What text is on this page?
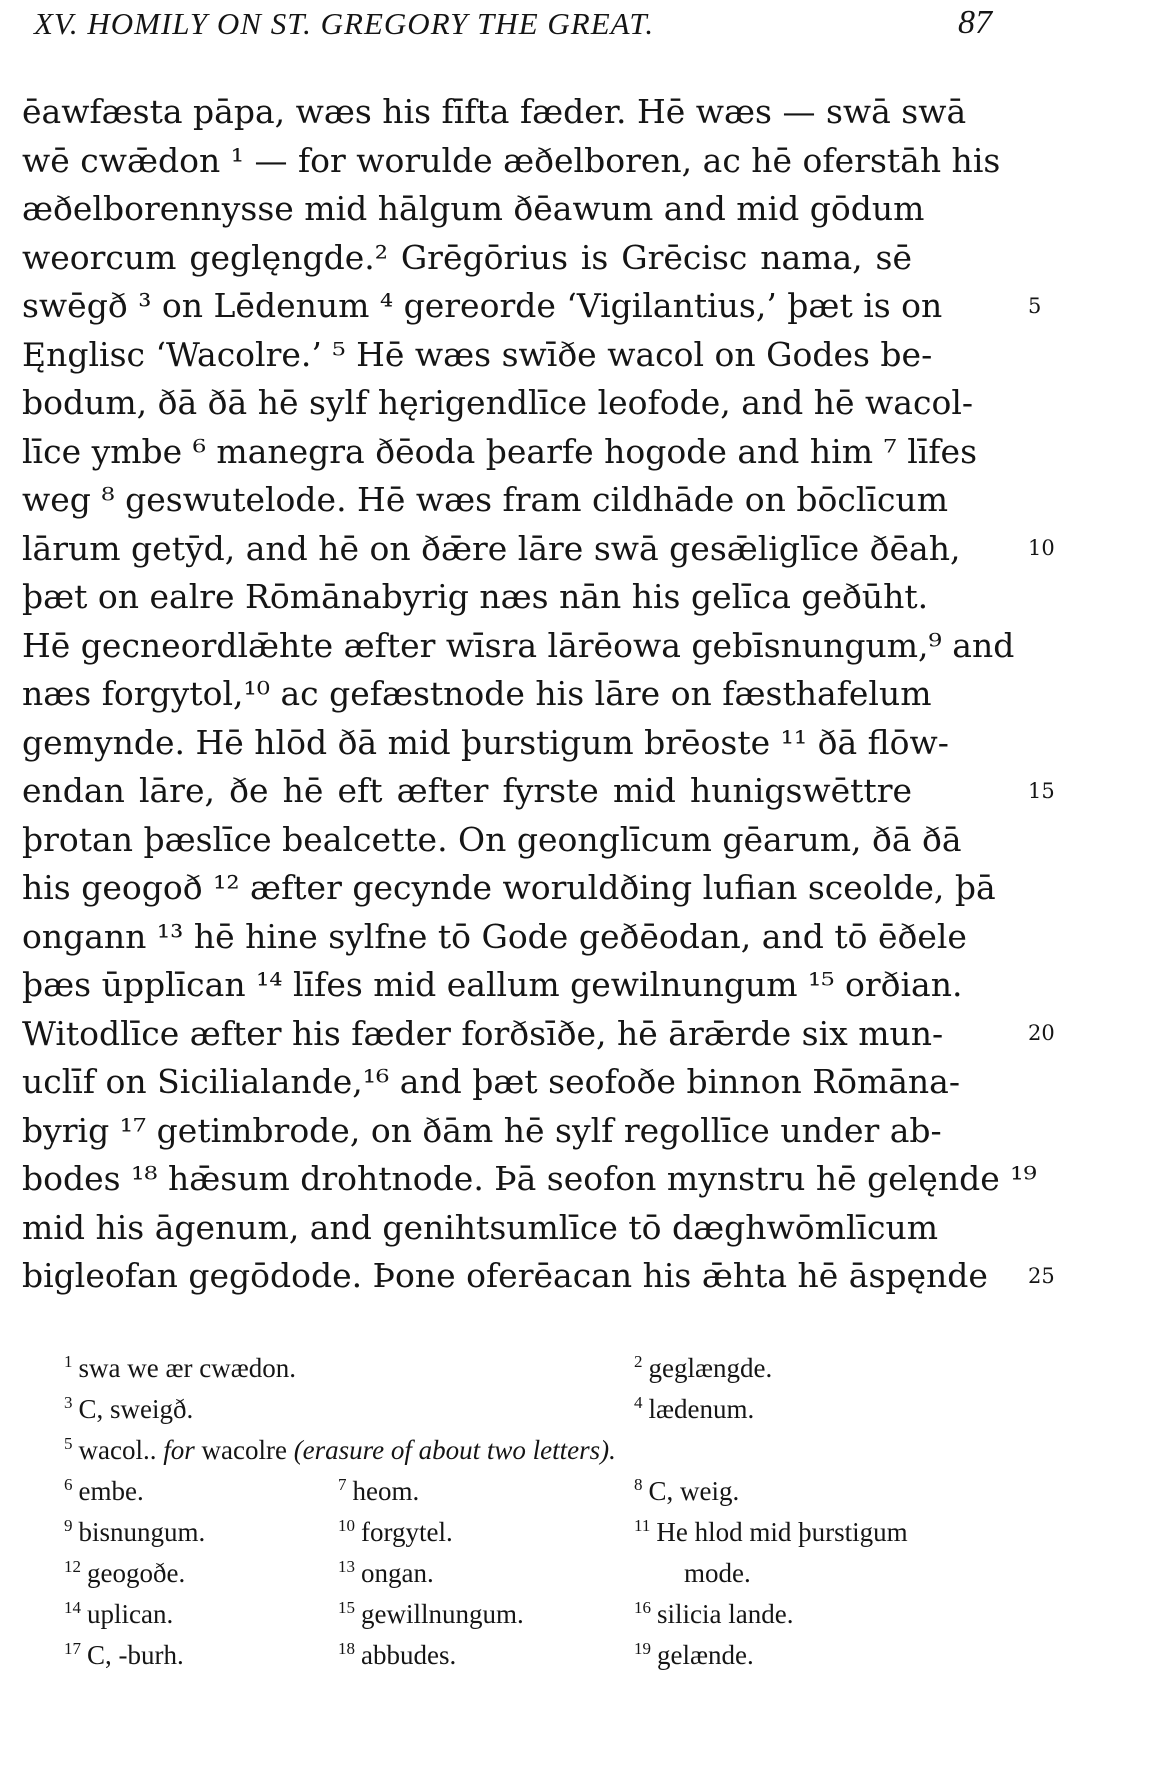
XV. HOMILY ON ST. GREGORY THE GREAT.	87
ēawfæsta pāpa, wæs his fīfta fæder. Hē wæs — swā swā
wē cwǣdon ¹ — for worulde æðelboren, ac hē oferstāh his
æðelborennysse mid hālgum ðēawum and mid gōdum
weorcum geglęngde.² Grēgōrius is Grēcisc nama, sē
swēgð ³ on Lēdenum ⁴ gereorde ‘Vigilantius,’ þæt is on
Ęnglisc ‘Wacolre.’ ⁵ Hē wæs swīðe wacol on Godes be-
bodum, ðā ðā hē sylf hęrigendlīce leofode, and hē wacol-
līce ymbe ⁶ manegra ðēoda þearfe hogode and him ⁷ līfes
weg ⁸ geswutelode. Hē wæs fram cildhāde on bōclīcum
lārum getȳd, and hē on ðǣre lāre swā gesǣliglīce ðēah,
þæt on ealre Rōmānabyrig næs nān his gelīca geðūht.
Hē gecneordlǣhte æfter wīsra lārēowa gebīsnungum,⁹ and
næs forgytol,¹⁰ ac gefæstnode his lāre on fæsthafelum
gemynde. Hē hlōd ðā mid þurstigum brēoste ¹¹ ðā flōw-
endan lāre, ðe hē eft æfter fyrste mid hunigswēttre
þrotan þæslīce bealcette. On geonglīcum gēarum, ðā ðā
his geogoð ¹² æfter gecynde woruldðing lufian sceolde, þā
ongann ¹³ hē hine sylfne tō Gode geðēodan, and tō ēðele
þæs ūpplīcan ¹⁴ līfes mid eallum gewilnungum ¹⁵ orðian.
Witodlīce æfter his fæder forðsīðe, hē ārǣrde six mun-
uclīf on Sicilialande,¹⁶ and þæt seofoðe binnon Rōmāna-
byrig ¹⁷ getimbrode, on ðām hē sylf regollīce under ab-
bodes ¹⁸ hǣsum drohtnode. Þā seofon mynstru hē gelęnde ¹⁹
mid his āgenum, and genihtsumlīce tō dæghwōmlīcum
bigleofan gegōdode. Þone oferēacan his ǣhta hē āspęnde
5
10
15
20
25
$^1$ swa we ær cwædon.	$^2$ geglængde.
$^3$ C, sweigð.	$^4$ lædenum.
$^5$ wacol.. for wacolre (erasure of about two letters).
$^6$ embe.	$^7$ heom.	$^8$ C, weig.
$^9$ bisnungum.	$^{10}$ forgytel.	$^{11}$ He hlod mid þurstigum
$^{12}$ geogoðe.	$^{13}$ ongan.	mode.
$^{14}$ uplican.	$^{15}$ gewillnungum.	$^{16}$ silicia lande.
$^{17}$ C, -burh.	$^{18}$ abbudes.	$^{19}$ gelænde.
